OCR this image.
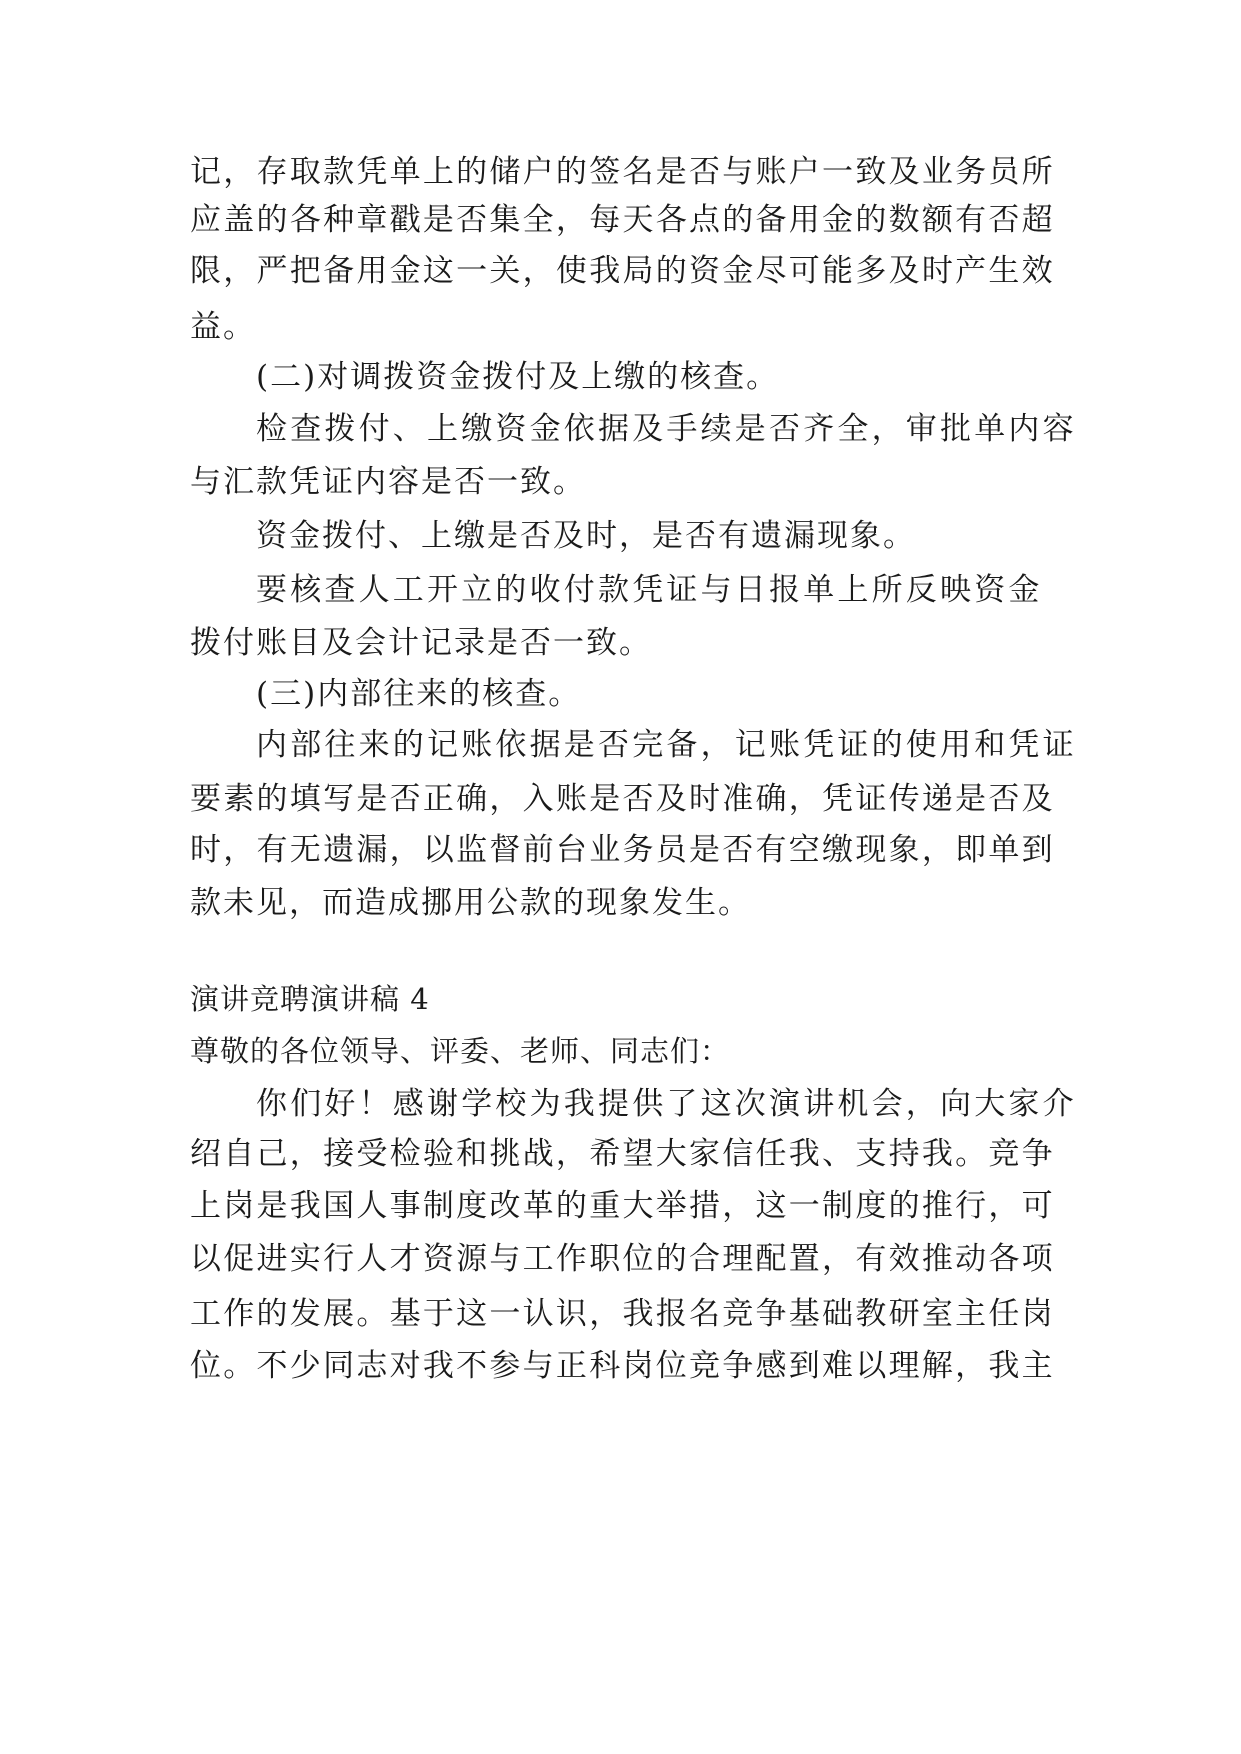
记 ， 存 取 款 凭 单 上 的 储 户 的 签 名 是 否 与 账 户 一 致 及 业 务 员 所
应 盖 的 各 种 章 戳 是 否 集 全 ， 每 天 各 点 的 备 用 金 的 数 额 有 否 超
限 ， 严 把 备 用 金 这 一 关 ， 使 我 局 的 资 金 尽 可 能 多 及 时 产 生 效
益。
(二)对调拨资金拨付及上缴的核查。
检查拨付、上缴资金依据及手续是否齐全，审批单内容
与汇款凭证内容是否一致。
资金拨付、上缴是否及时，是否有遗漏现象。
要核查人工开立的收付款凭证与日报单上所反映资金
拨付账目及会计记录是否一致。
(三)内部往来的核查。
内部往来的记账依据是否完备，记账凭证的使用和凭证
要 素 的 填 写 是 否 正 确 ， 入 账 是 否 及 时 准 确 ， 凭 证 传 递 是 否 及
时 ， 有 无 遗 漏 ， 以 监 督 前 台 业 务 员 是 否 有 空 缴 现 象 ， 即 单 到
款未见，而造成挪用公款的现象发生。
演讲竞聘演讲稿 4
尊敬的各位领导、评委、老师、同志们：
你们好！感谢学校为我提供了这次演讲机会，向大家介
绍 自 己 ， 接 受 检 验 和 挑 战 ， 希 望 大 家 信 任 我 、 支 持 我 。 竞 争
上 岗 是 我 国 人 事 制 度 改 革 的 重 大 举 措 ， 这 一 制 度 的 推 行 ， 可
以 促 进 实 行 人 才 资 源 与 工 作 职 位 的 合 理 配 置 ， 有 效 推 动 各 项
工 作 的 发 展 。 基 于 这 一 认 识 ， 我 报 名 竞 争 基 础 教 研 室 主 任 岗
位 。 不 少 同 志 对 我 不 参 与 正 科 岗 位 竞 争 感 到 难 以 理 解 ， 我 主
